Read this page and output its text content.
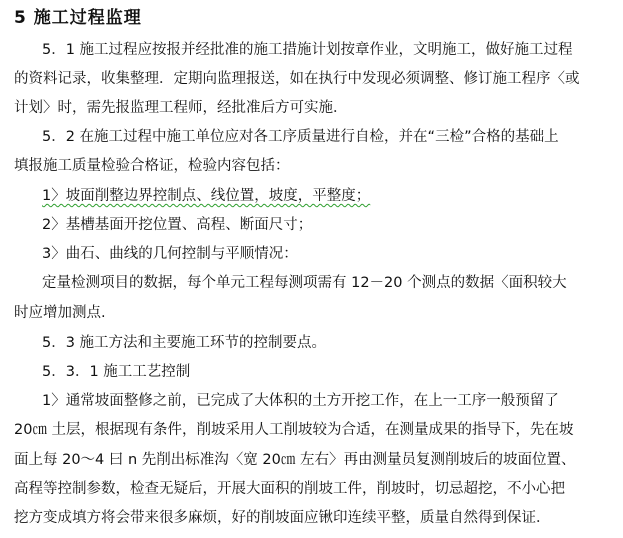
5 施工过程监理
5．1 施工过程应按报并经批准的施工措施计划按章作业，文明施工，做好施工过程
的资料记录，收集整理．定期向监理报送，如在执行中发现必须调整、修订施工程序〈或
计划〉时，需先报监理工程师，经批准后方可实施．
5．2 在施工过程中施工单位应对各工序质量进行自检，并在“三检”合格的基础上
填报施工质量检验合格证，检验内容包括：
1〉坡面削整边界控制点、线位置，坡度，平整度；
2〉基槽基面开挖位置、高程、断面尺寸；
3〉曲石、曲线的几何控制与平顺情况：
定量检测项目的数据，每个单元工程每测项需有 12－20 个测点的数据〈面积较大
时应增加测点.
5．3 施工方法和主要施工环节的控制要点。
5．3．1 施工工艺控制
1〉通常坡面整修之前，已完成了大体积的土方开挖工作，在上一工序一般预留了
20㎝ 土层，根据现有条件，削坡采用人工削坡较为合适，在测量成果的指导下，先在坡
面上每 20～4 曰 n 先削出标准沟〈宽 20㎝ 左右〉再由测量员复测削坡后的坡面位置、
高程等控制参数，检查无疑后，开展大面积的削坡工件，削坡时，切忌超挖，不小心把
挖方变成填方将会带来很多麻烦，好的削坡面应锹印连续平整，质量自然得到保证．
